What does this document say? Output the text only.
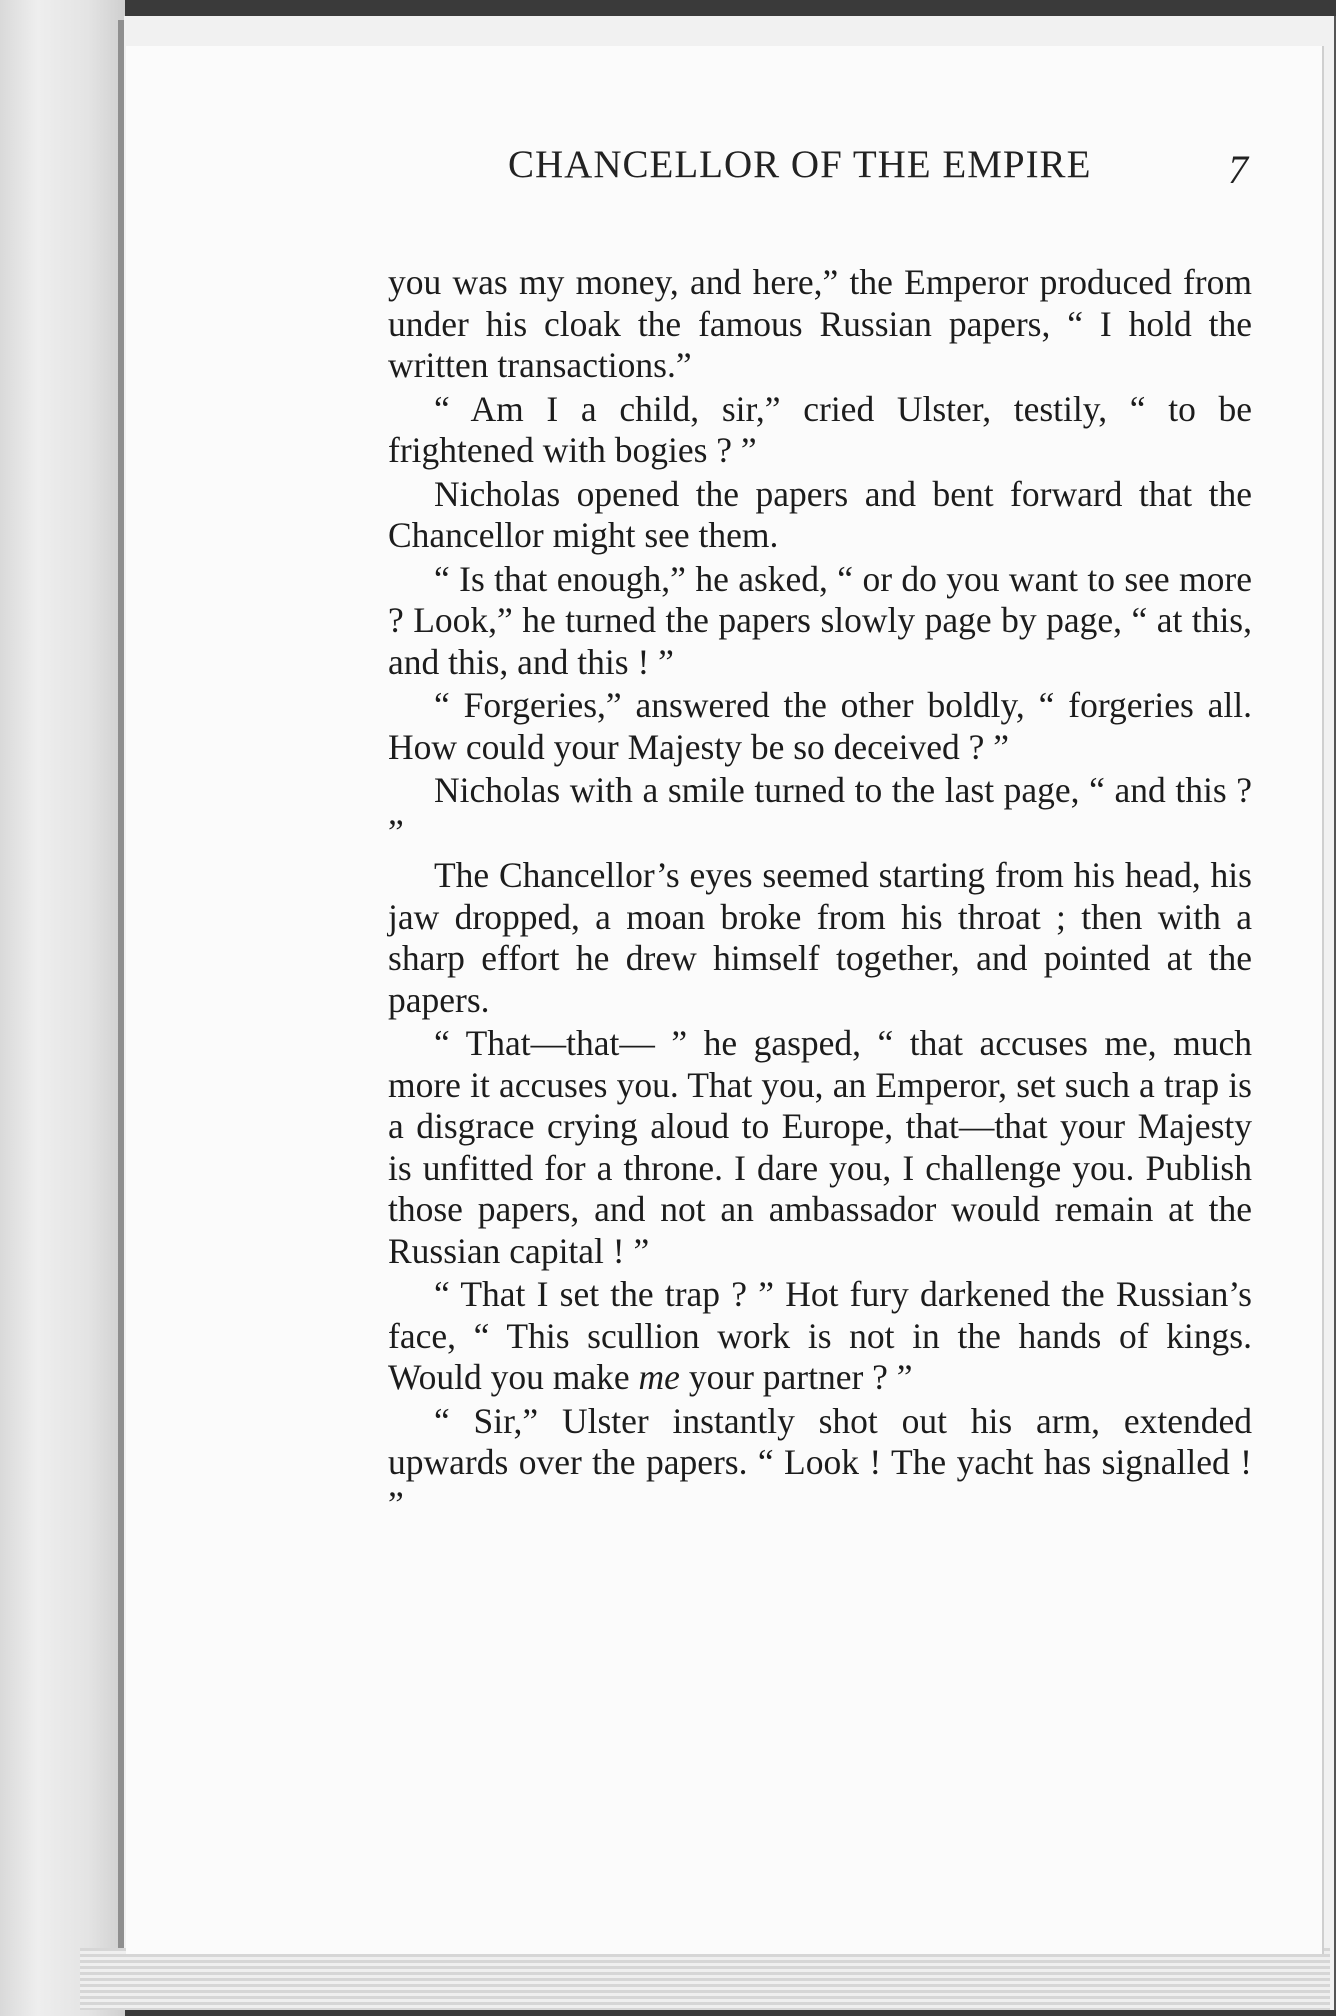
CHANCELLOR OF THE EMPIRE	7

you was my money, and here,” the Emperor produced from under his cloak the famous Russian papers, “ I hold the written transactions.”

“ Am I a child, sir,” cried Ulster, testily, “ to be frightened with bogies ? ”

Nicholas opened the papers and bent forward that the Chancellor might see them.

“ Is that enough,” he asked, “ or do you want to see more ? Look,” he turned the papers slowly page by page, “ at this, and this, and this ! ”

“ Forgeries,” answered the other boldly, “ forgeries all. How could your Majesty be so deceived ? ”

Nicholas with a smile turned to the last page, “ and this ? ”

The Chancellor’s eyes seemed starting from his head, his jaw dropped, a moan broke from his throat ; then with a sharp effort he drew himself together, and pointed at the papers.

“ That—that— ” he gasped, “ that accuses me, much more it accuses you. That you, an Emperor, set such a trap is a disgrace crying aloud to Europe, that—that your Majesty is unfitted for a throne. I dare you, I challenge you. Publish those papers, and not an ambassador would remain at the Russian capital ! ”

“ That I set the trap ? ” Hot fury darkened the Russian’s face, “ This scullion work is not in the hands of kings. Would you make me your partner ? ”

“ Sir,” Ulster instantly shot out his arm, extended upwards over the papers. “ Look ! The yacht has signalled ! ”
